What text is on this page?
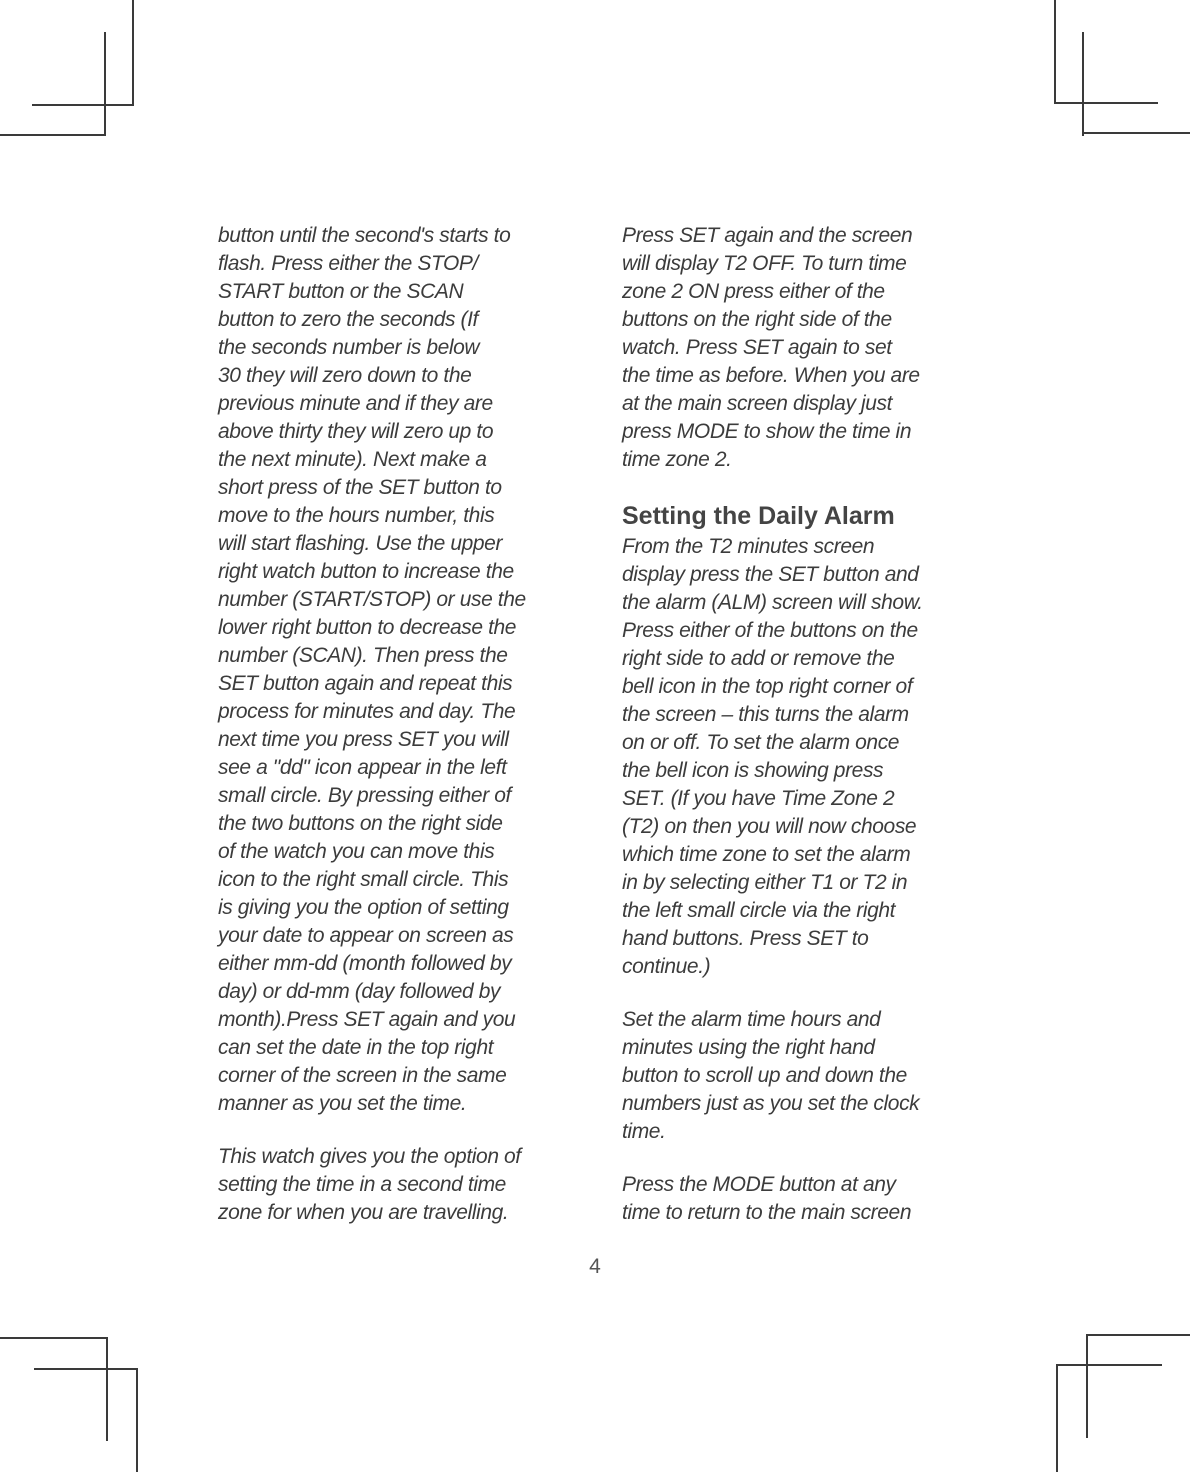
button until the second's starts to
flash. Press either the STOP/
START button or the SCAN
button to zero the seconds (If
the seconds number is below
30 they will zero down to the
previous minute and if they are
above thirty they will zero up to
the next minute). Next make a
short press of the SET button to
move to the hours number, this
will start flashing. Use the upper
right watch button to increase the
number (START/STOP) or use the
lower right button to decrease the
number (SCAN). Then press the
SET button again and repeat this
process for minutes and day. The
next time you press SET you will
see a "dd" icon appear in the left
small circle. By pressing either of
the two buttons on the right side
of the watch you can move this
icon to the right small circle. This
is giving you the option of setting
your date to appear on screen as
either mm-dd (month followed by
day) or dd-mm (day followed by
month).Press SET again and you
can set the date in the top right
corner of the screen in the same
manner as you set the time.

This watch gives you the option of
setting the time in a second time
zone for when you are travelling.

Press SET again and the screen
will display T2 OFF. To turn time
zone 2 ON press either of the
buttons on the right side of the
watch. Press SET again to set
the time as before. When you are
at the main screen display just
press MODE to show the time in
time zone 2.

Setting the Daily Alarm

From the T2 minutes screen
display press the SET button and
the alarm (ALM) screen will show.
Press either of the buttons on the
right side to add or remove the
bell icon in the top right corner of
the screen – this turns the alarm
on or off. To set the alarm once
the bell icon is showing press
SET. (If you have Time Zone 2
(T2) on then you will now choose
which time zone to set the alarm
in by selecting either T1 or T2 in
the left small circle via the right
hand buttons. Press SET to
continue.)

Set the alarm time hours and
minutes using the right hand
button to scroll up and down the
numbers just as you set the clock
time.

Press the MODE button at any
time to return to the main screen

4
